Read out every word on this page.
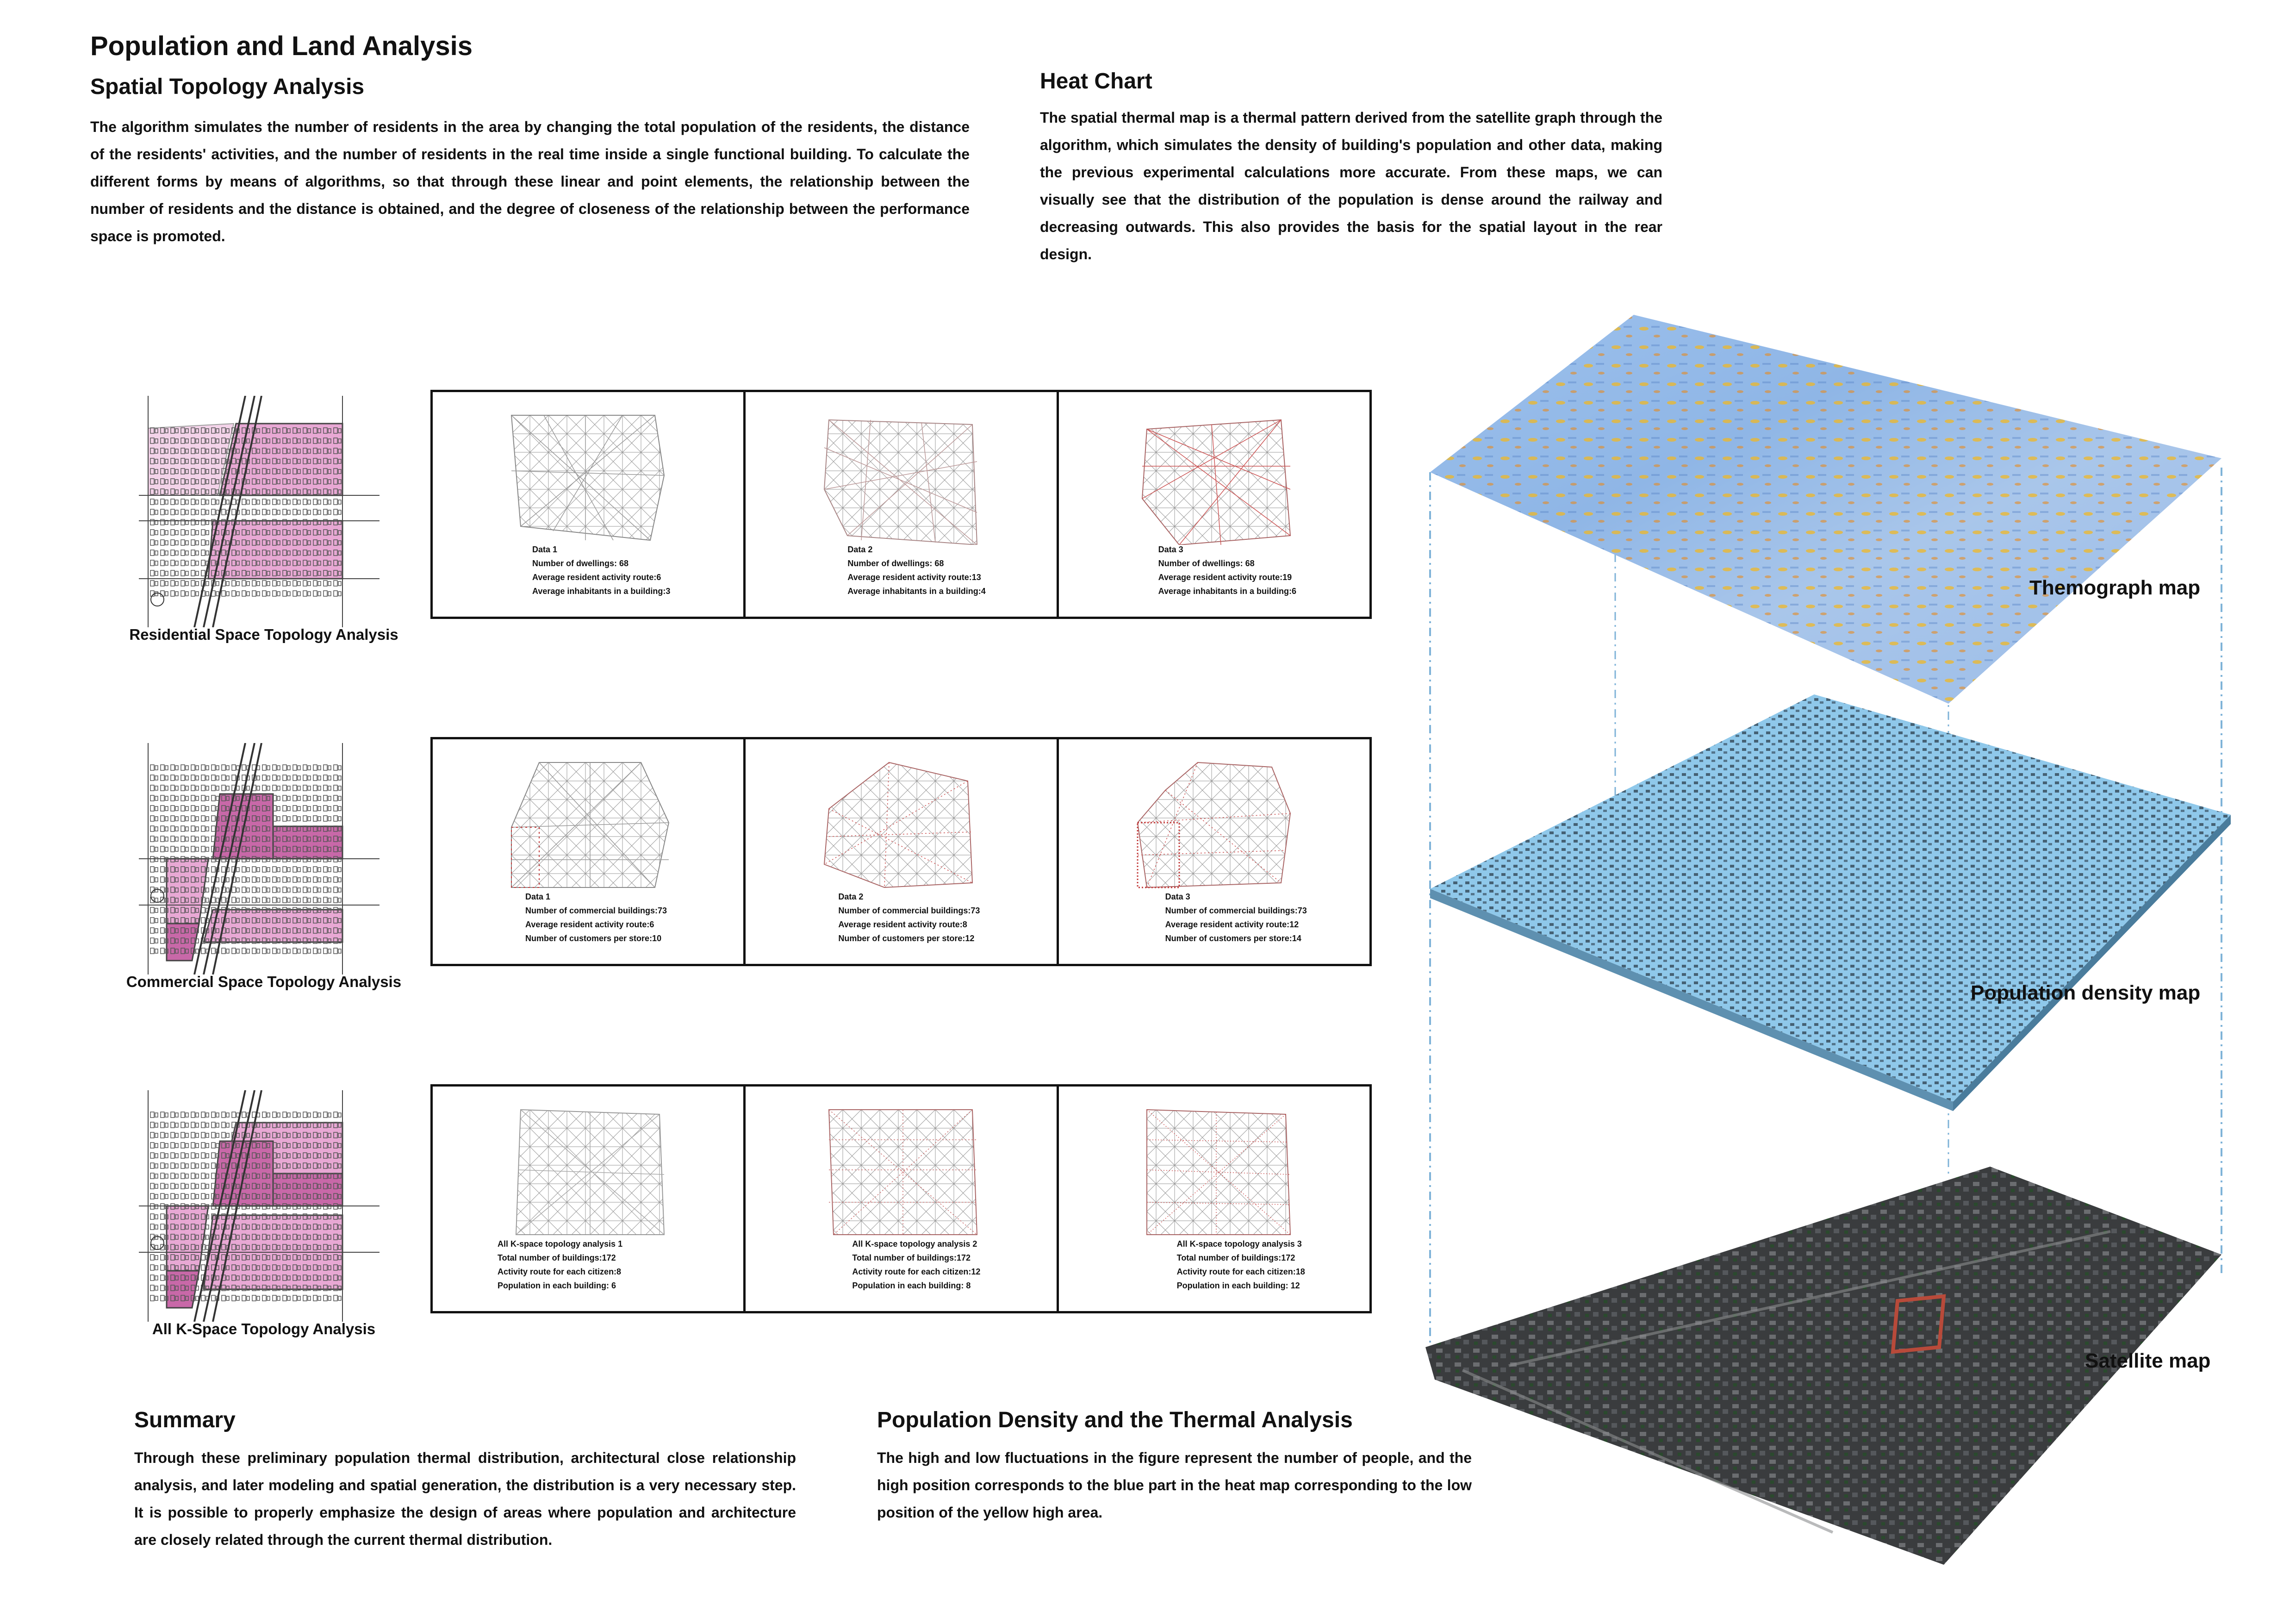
Population and Land Analysis
Spatial Topology Analysis

The algorithm simulates the number of residents in the area by changing the total population of the residents, the distance of the residents' activities, and the number of residents in the real time inside a single functional building. To calculate the different forms by means of algorithms, so that through these linear and point elements, the relationship between the number of residents and the distance is obtained, and the degree of closeness of the relationship between the performance space is promoted.

Heat Chart

The spatial thermal map is a thermal pattern derived from the satellite graph through the algorithm, which simulates the density of building's population and other data, making the previous experimental calculations more accurate. From these maps, we can visually see that the distribution of the population is dense around the railway and decreasing outwards. This also provides the basis for the spatial layout in the rear design.

Residential Space Topology Analysis
Commercial Space Topology Analysis
All K-Space Topology Analysis
Data 1
Number of dwellings: 68
Average resident activity route:6
Average inhabitants in a building:3
Data 2
Number of dwellings: 68
Average resident activity route:13
Average inhabitants in a building:4
Data 3
Number of dwellings: 68
Average resident activity route:19
Average inhabitants in a building:6
Data 1
Number of commercial buildings:73
Average resident activity route:6
Number of customers per store:10
Data 2
Number of commercial buildings:73
Average resident activity route:8
Number of customers per store:12
Data 3
Number of commercial buildings:73
Average resident activity route:12
Number of customers per store:14
All K-space topology analysis 1
Total number of buildings:172
Activity route for each citizen:8
Population in each building: 6
All K-space topology analysis 2
Total number of buildings:172
Activity route for each citizen:12
Population in each building: 8
All K-space topology analysis 3
Total number of buildings:172
Activity route for each citizen:18
Population in each building: 12
Themograph map
Population density map
Satellite map
Summary

Through these preliminary population thermal distribution, architectural close relationship analysis, and later modeling and spatial generation, the distribution is a very necessary step. It is possible to properly emphasize the design of areas where population and architecture are closely related through the current thermal distribution.

Population Density and the Thermal Analysis

The high and low fluctuations in the figure represent the number of people, and the high position corresponds to the blue part in the heat map corresponding to the low position of the yellow high area.
